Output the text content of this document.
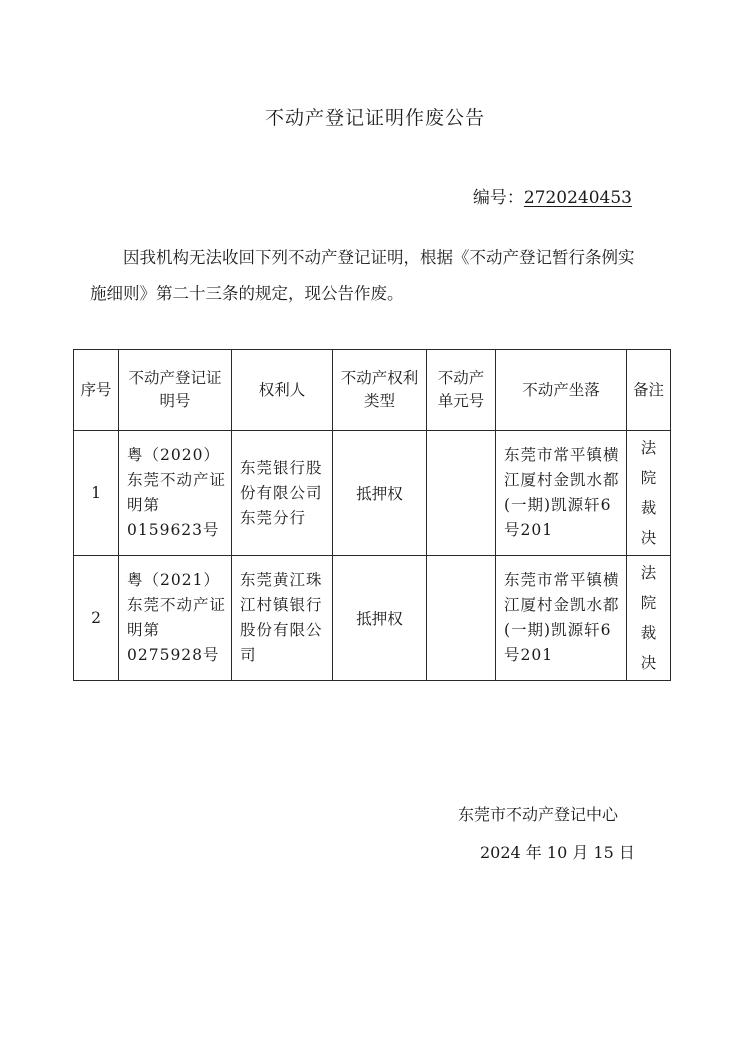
不动产登记证明作废公告
编号：2720240453
因我机构无法收回下列不动产登记证明，根据《不动产登记暂行条例实施细则》第二十三条的规定，现公告作废。
序号	不动产登记证明号	权利人	不动产权利类型	不动产单元号	不动产坐落	备注
1	粤（2020）东莞不动产证明第0159623号	东莞银行股份有限公司东莞分行	抵押权		东莞市常平镇横江厦村金凯水都(一期)凯源轩6号201	法院裁决
2	粤（2021）东莞不动产证明第0275928号	东莞黄江珠江村镇银行股份有限公司	抵押权		东莞市常平镇横江厦村金凯水都(一期)凯源轩6号201	法院裁决
东莞市不动产登记中心
2024 年 10 月 15 日
